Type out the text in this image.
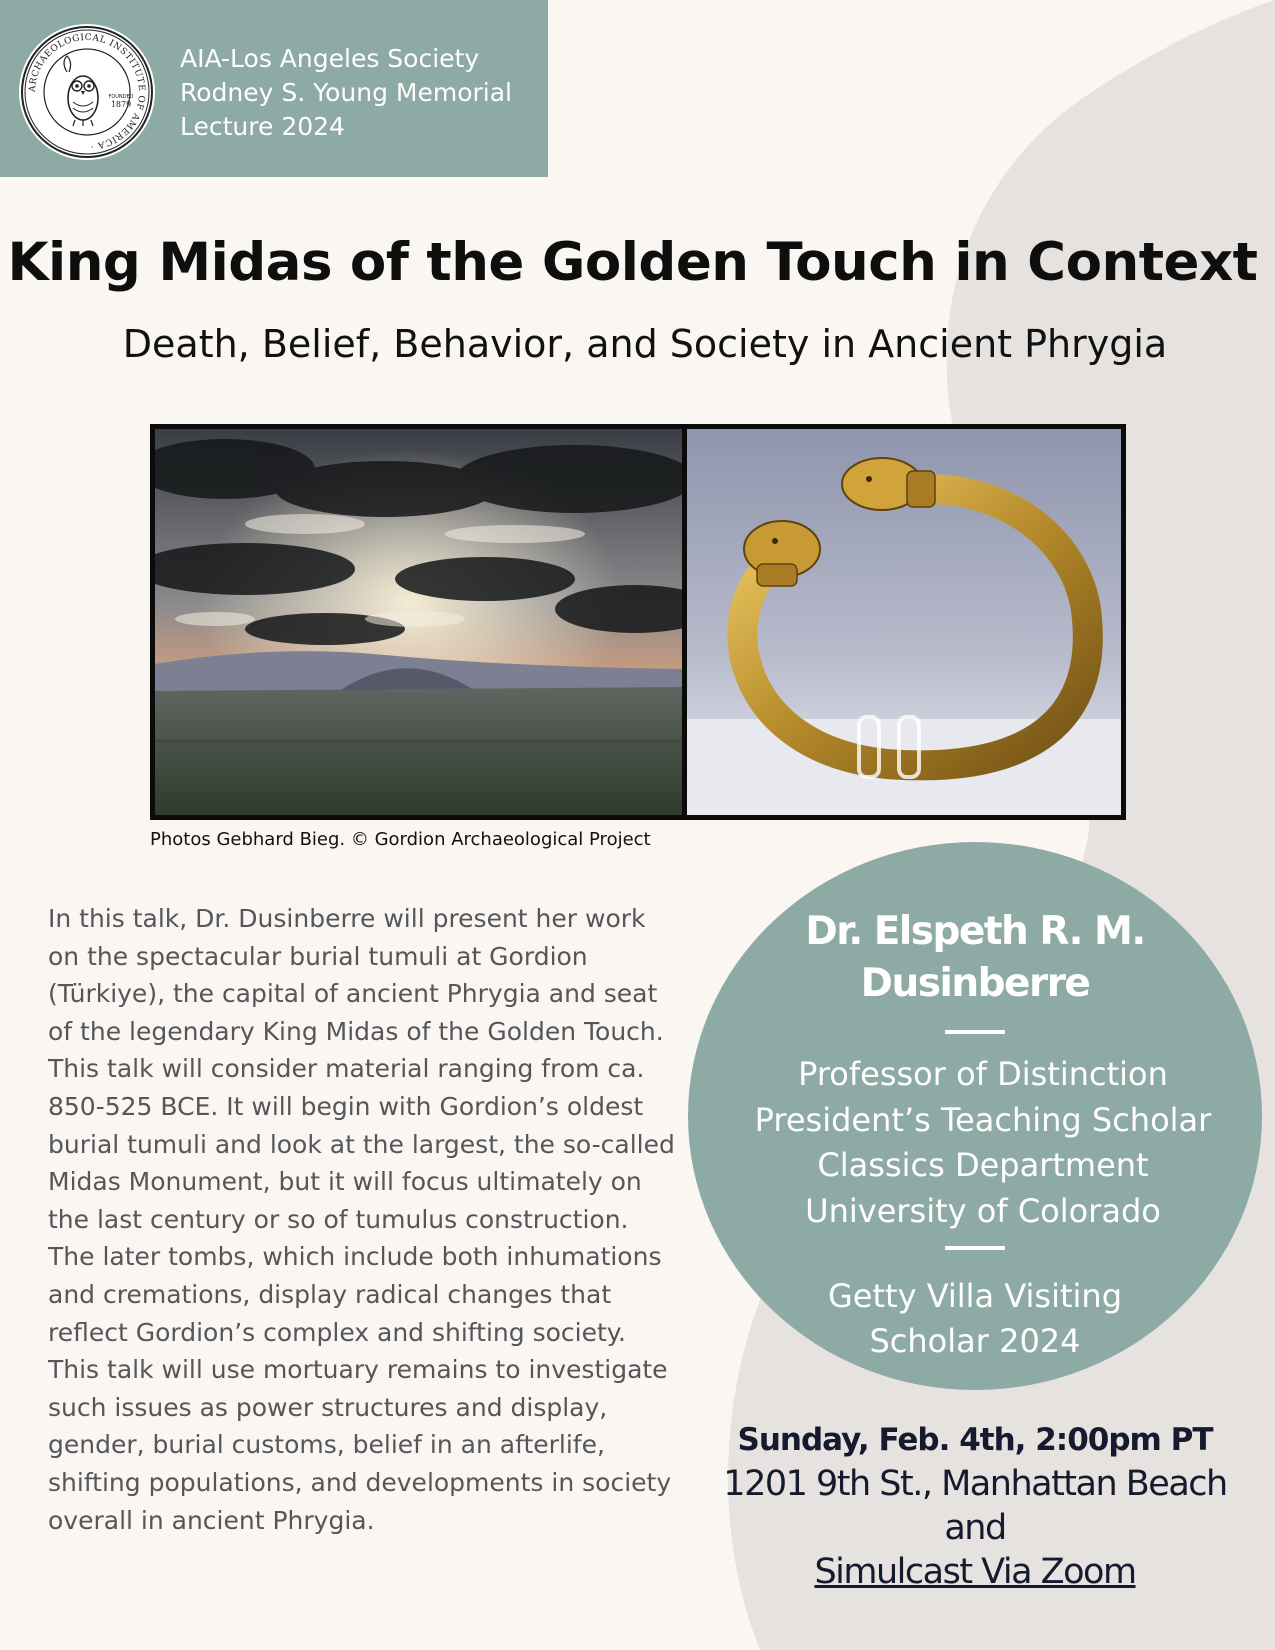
ARCHAEOLOGICAL INSTITUTE OF AMERICA ·
FOUNDED
1879
AIA-Los Angeles Society
Rodney S. Young Memorial
Lecture 2024
King Midas of the Golden Touch in Context
Death, Belief, Behavior, and Society in Ancient Phrygia
Photos Gebhard Bieg. © Gordion Archaeological Project
In this talk, Dr. Dusinberre will present her work on the spectacular burial tumuli at Gordion (Türkiye), the capital of ancient Phrygia and seat of the legendary King Midas of the Golden Touch. This talk will consider material ranging from ca. 850-525 BCE. It will begin with Gordion’s oldest burial tumuli and look at the largest, the so-called Midas Monument, but it will focus ultimately on the last century or so of tumulus construction. The later tombs, which include both inhumations and cremations, display radical changes that reflect Gordion’s complex and shifting society. This talk will use mortuary remains to investigate such issues as power structures and display, gender, burial customs, belief in an afterlife, shifting populations, and developments in society overall in ancient Phrygia.
Dr. Elspeth R. M.
Dusinberre
Professor of Distinction
President’s Teaching Scholar
Classics Department
University of Colorado
Getty Villa Visiting
Scholar 2024
Sunday, Feb. 4th, 2:00pm PT
1201 9th St., Manhattan Beach
and
Simulcast Via Zoom
